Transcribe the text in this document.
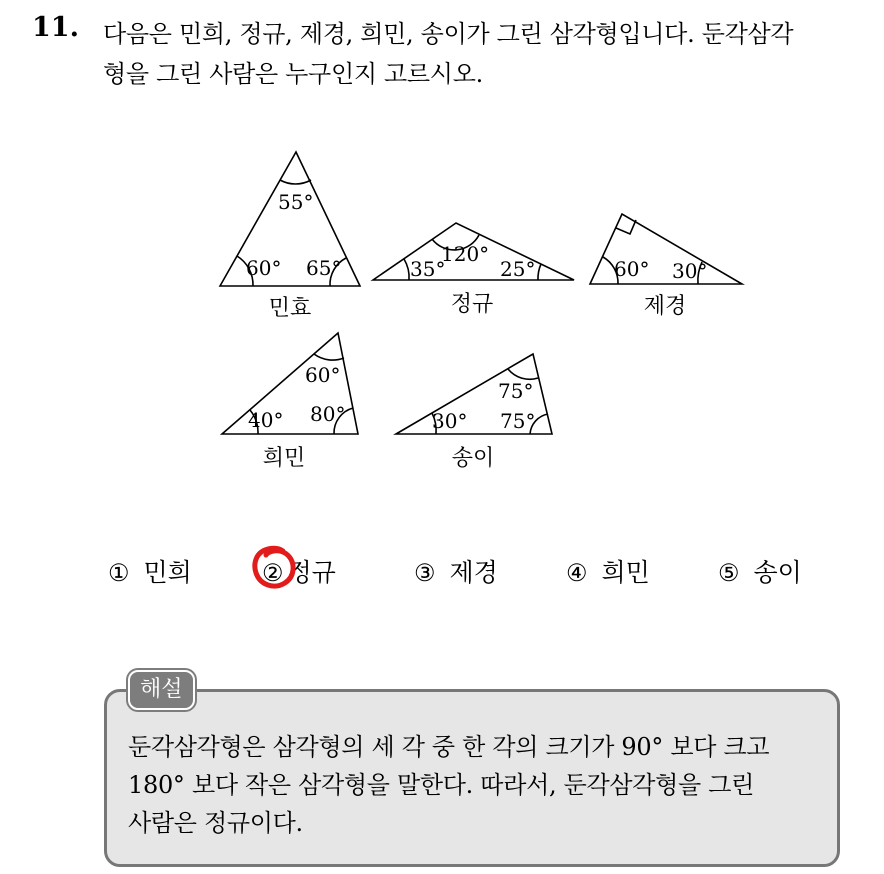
11. 다음은 민희, 정규, 제경, 희민, 송이가 그린 삼각형입니다. 둔각삼각
형을 그린 사람은 누구인지 고르시오.
55°
60° 65°
민효
35°
120°
25°
정규
60° 30°
제경
60°
40° 80°
희민
75°
30° 75°
송이
① 민희	② 정규	③ 제경	④ 희민	⑤ 송이
해설
둔각삼각형은 삼각형의 세 각 중 한 각의 크기가 90° 보다 크고
180° 보다 작은 삼각형을 말한다. 따라서, 둔각삼각형을 그린
사람은 정규이다.
